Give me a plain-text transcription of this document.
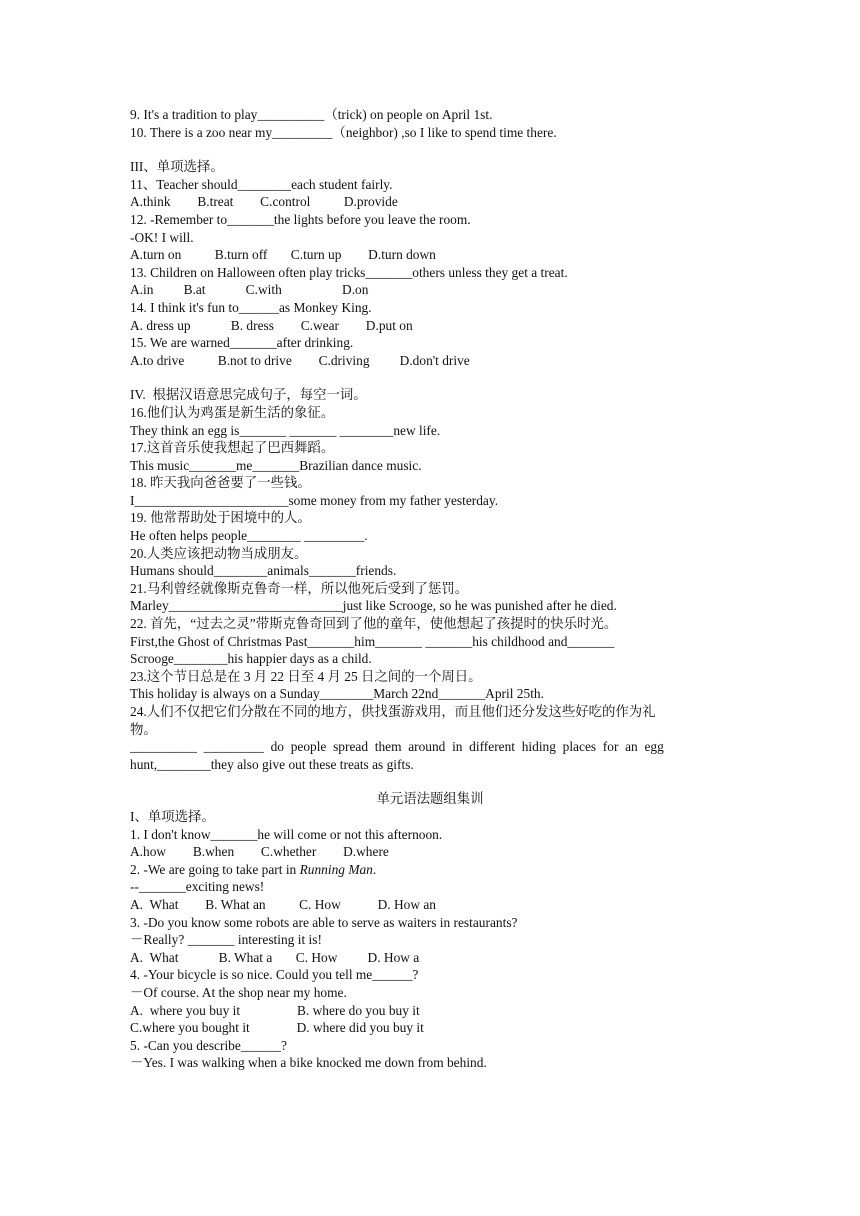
9. It's a tradition to play__________（trick) on people on April 1st.
10. There is a zoo near my_________（neighbor) ,so I like to spend time there.
III、单项选择。
11、Teacher should________each student fairly.
A.think        B.treat        C.control          D.provide
12. -Remember to_______the lights before you leave the room.
-OK! I will.
A.turn on          B.turn off       C.turn up        D.turn down
13. Children on Halloween often play tricks_______others unless they get a treat.
A.in         B.at            C.with                  D.on
14. I think it's fun to______as Monkey King.
A. dress up            B. dress        C.wear        D.put on
15. We are warned_______after drinking.
A.to drive          B.not to drive        C.driving         D.don't drive
IV.  根据汉语意思完成句子，每空一词。
16.他们认为鸡蛋是新生活的象征。
They think an egg is_______ _______ ________new life.
17.这首音乐使我想起了巴西舞蹈。
This music_______me_______Brazilian dance music.
18. 昨天我向爸爸要了一些钱。
I_______________________some money from my father yesterday.
19. 他常帮助处于困境中的人。
He often helps people________ _________.
20.人类应该把动物当成朋友。
Humans should________animals_______friends.
21.马利曾经就像斯克鲁奇一样，所以他死后受到了惩罚。
Marley__________________________just like Scrooge, so he was punished after he died.
22. 首先，“过去之灵”带斯克鲁奇回到了他的童年，使他想起了孩提时的快乐时光。
First,the Ghost of Christmas Past_______him_______ _______his childhood and_______
Scrooge________his happier days as a child.
23.这个节日总是在 3 月 22 日至 4 月 25 日之间的一个周日。
This holiday is always on a Sunday________March 22nd_______April 25th.
24.人们不仅把它们分散在不同的地方，供找蛋游戏用，而且他们还分发这些好吃的作为礼
物。
__________  _________  do  people  spread  them  around  in  different  hiding  places  for  an  egg
hunt,________they also give out these treats as gifts.
单元语法题组集训
I、单项选择。
1. I don't know_______he will come or not this afternoon.
A.how        B.when        C.whether        D.where
2. -We are going to take part in Running Man.
--_______exciting news!
A.  What        B. What an          C. How           D. How an
3. -Do you know some robots are able to serve as waiters in restaurants?
－Really? _______ interesting it is!
A.  What            B. What a       C. How         D. How a
4. -Your bicycle is so nice. Could you tell me______?
－Of course. At the shop near my home.
A.  where you buy it                 B. where do you buy it
C.where you bought it              D. where did you buy it
5. -Can you describe______?
－Yes. I was walking when a bike knocked me down from behind.
